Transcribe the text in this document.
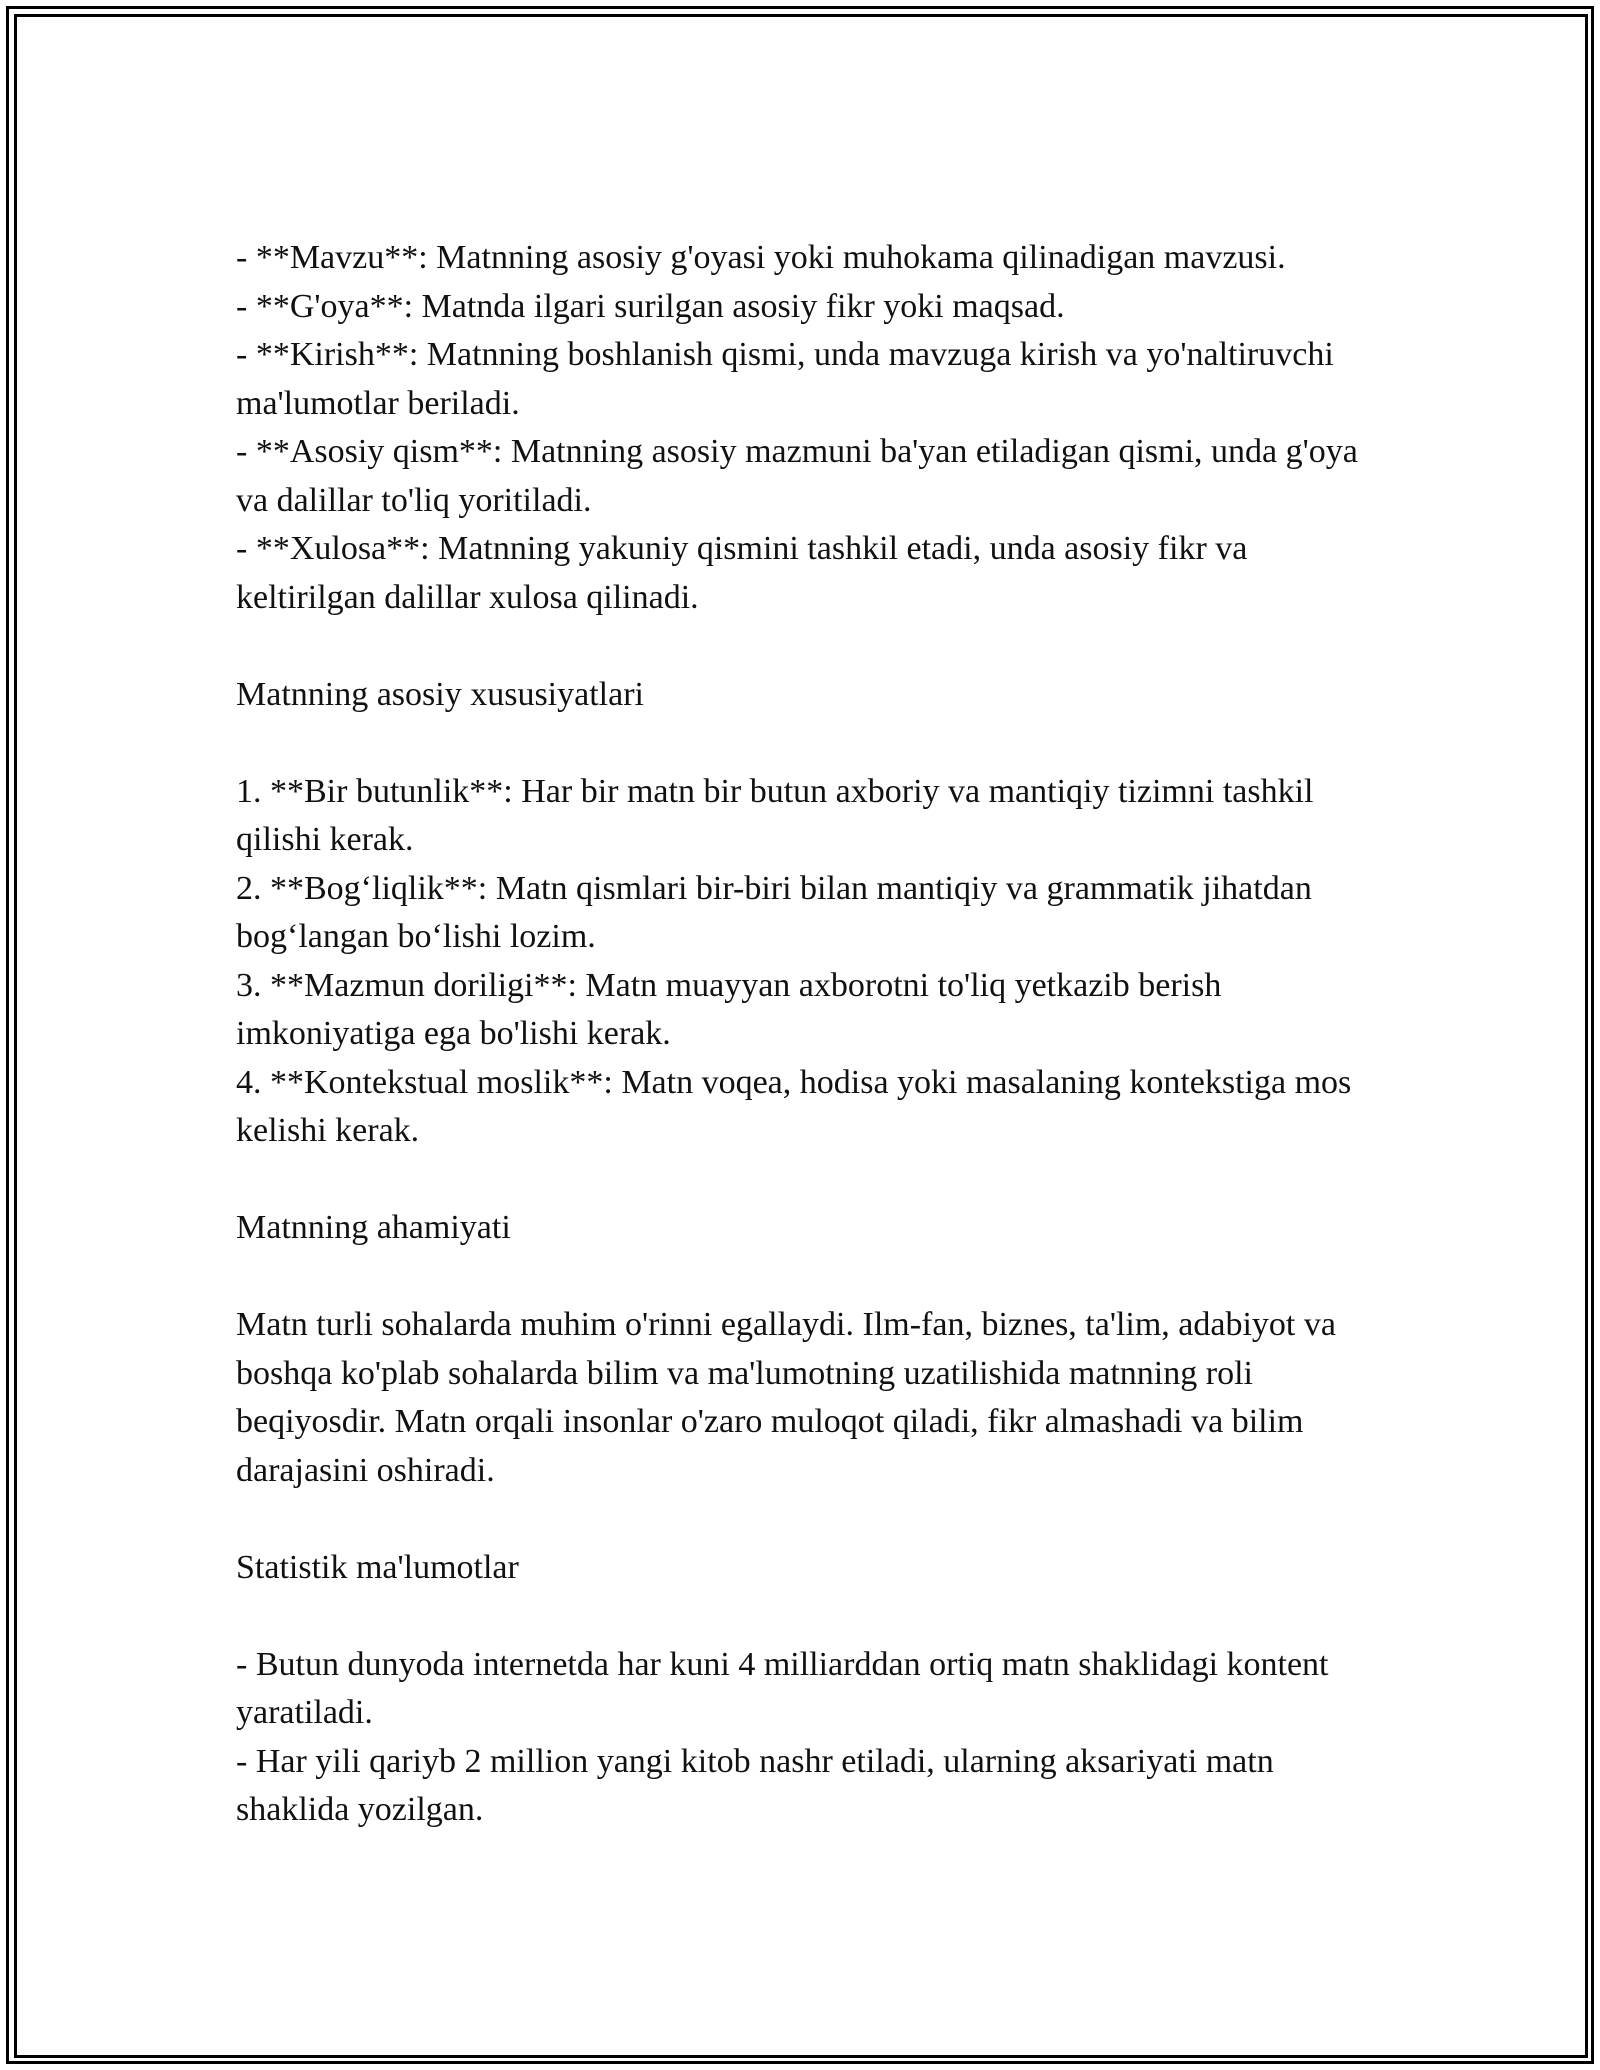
- **Mavzu**: Matnning asosiy g'oyasi yoki muhokama qilinadigan mavzusi.

- **G'oya**: Matnda ilgari surilgan asosiy fikr yoki maqsad.

- **Kirish**: Matnning boshlanish qismi, unda mavzuga kirish va yo'naltiruvchi ma'lumotlar beriladi.

- **Asosiy qism**: Matnning asosiy mazmuni ba'yan etiladigan qismi, unda g'oya va dalillar to'liq yoritiladi.

- **Xulosa**: Matnning yakuniy qismini tashkil etadi, unda asosiy fikr va keltirilgan dalillar xulosa qilinadi.

Matnning asosiy xususiyatlari

1. **Bir butunlik**: Har bir matn bir butun axboriy va mantiqiy tizimni tashkil qilishi kerak.

2. **Bog‘liqlik**: Matn qismlari bir-biri bilan mantiqiy va grammatik jihatdan bog‘langan bo‘lishi lozim.

3. **Mazmun doriligi**: Matn muayyan axborotni to'liq yetkazib berish imkoniyatiga ega bo'lishi kerak.

4. **Kontekstual moslik**: Matn voqea, hodisa yoki masalaning kontekstiga mos kelishi kerak.

Matnning ahamiyati

Matn turli sohalarda muhim o'rinni egallaydi. Ilm-fan, biznes, ta'lim, adabiyot va boshqa ko'plab sohalarda bilim va ma'lumotning uzatilishida matnning roli beqiyosdir. Matn orqali insonlar o'zaro muloqot qiladi, fikr almashadi va bilim darajasini oshiradi.

Statistik ma'lumotlar

- Butun dunyoda internetda har kuni 4 milliarddan ortiq matn shaklidagi kontent yaratiladi.

- Har yili qariyb 2 million yangi kitob nashr etiladi, ularning aksariyati matn shaklida yozilgan.
